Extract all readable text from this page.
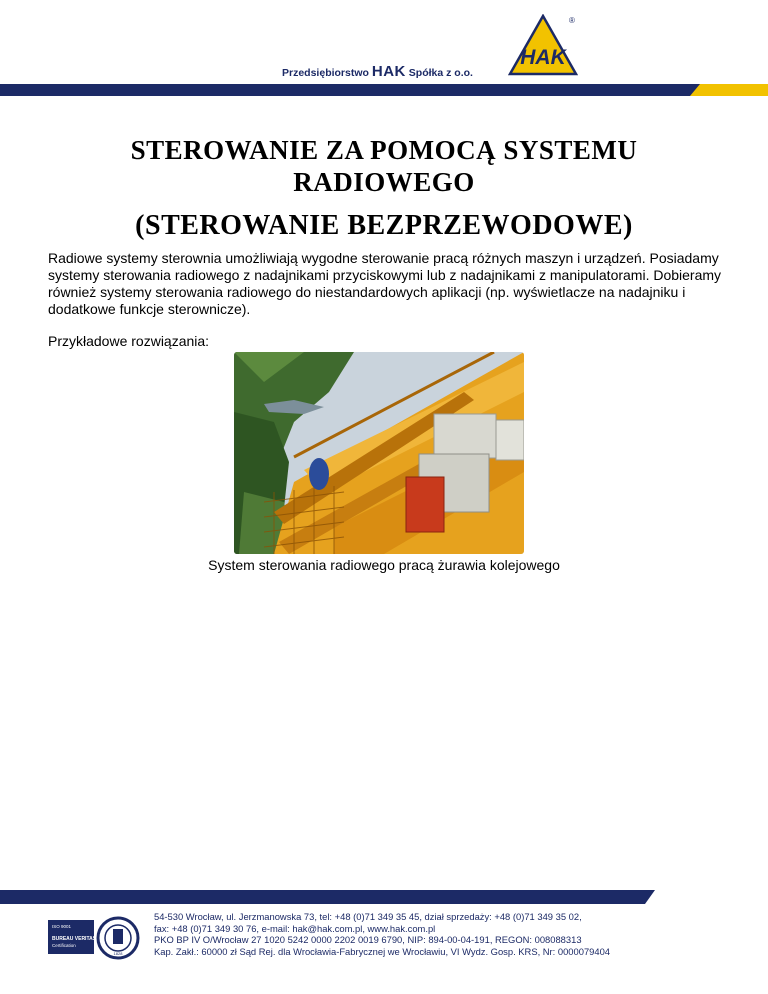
Przedsiębiorstwo HAK Spółka z o.o.
HAK
®
STEROWANIE ZA POMOCĄ SYSTEMU
RADIOWEGO
(STEROWANIE BEZPRZEWODOWE)
Radiowe systemy sterownia umożliwiają wygodne sterowanie pracą różnych maszyn i urządzeń. Posiadamy systemy sterowania radiowego z nadajnikami przyciskowymi lub z nadajnikami z manipulatorami. Dobieramy również systemy sterowania radiowego do niestandardowych aplikacji (np. wyświetlacze na nadajniku i dodatkowe funkcje sterownicze).
Przykładowe rozwiązania:
System sterowania radiowego pracą żurawia kolejowego
ISO 9001
BUREAU VERITAS
Certification
1828
54-530 Wrocław, ul. Jerzmanowska 73, tel: +48 (0)71 349 35 45, dział sprzedaży: +48 (0)71 349 35 02,
fax: +48 (0)71 349 30 76, e-mail: hak@hak.com.pl, www.hak.com.pl
PKO BP IV O/Wrocław 27 1020 5242 0000 2202 0019 6790, NIP: 894-00-04-191, REGON: 008088313
Kap. Zakł.: 60000 zł Sąd Rej. dla Wrocławia-Fabrycznej we Wrocławiu, VI Wydz. Gosp. KRS, Nr: 0000079404
